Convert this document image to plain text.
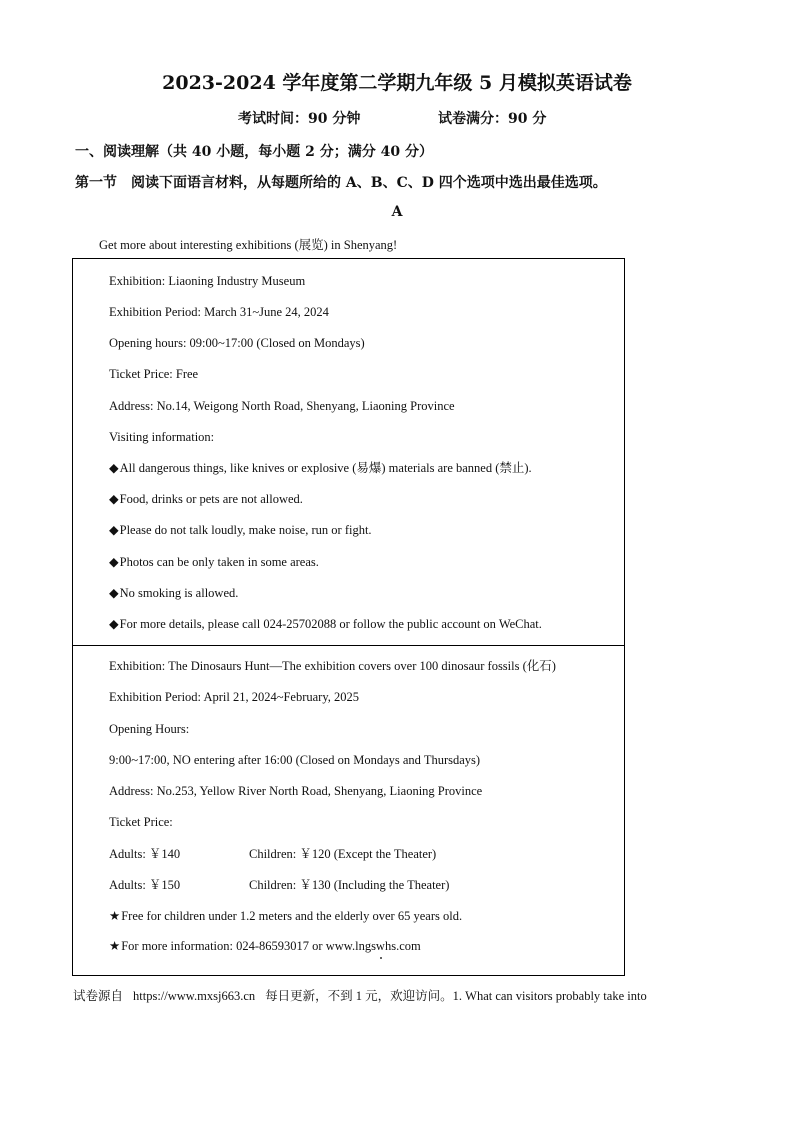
2023-2024 学年度第二学期九年级 5 月模拟英语试卷
考试时间：90 分钟	试卷满分：90 分
一、阅读理解（共 40 小题，每小题 2 分；满分 40 分）
第一节　阅读下面语言材料，从每题所给的 A、B、C、D 四个选项中选出最佳选项。
A
Get more about interesting exhibitions (展览) in Shenyang!
Exhibition: Liaoning Industry Museum
Exhibition Period: March 31~June 24, 2024
Opening hours: 09:00~17:00 (Closed on Mondays)
Ticket Price: Free
Address: No.14, Weigong North Road, Shenyang, Liaoning Province
Visiting information:
◆All dangerous things, like knives or explosive (易爆) materials are banned (禁止).
◆Food, drinks or pets are not allowed.
◆Please do not talk loudly, make noise, run or fight.
◆Photos can be only taken in some areas.
◆No smoking is allowed.
◆For more details, please call 024-25702088 or follow the public account on WeChat.
Exhibition: The Dinosaurs Hunt—The exhibition covers over 100 dinosaur fossils (化石)
Exhibition Period: April 21, 2024~February, 2025
Opening Hours:
9:00~17:00, NO entering after 16:00 (Closed on Mondays and Thursdays)
Address: No.253, Yellow River North Road, Shenyang, Liaoning Province
Ticket Price:
Adults: ￥140	Children: ￥120 (Except the Theater)
Adults: ￥150	Children: ￥130 (Including the Theater)
★Free for children under 1.2 meters and the elderly over 65 years old.
★For more information: 024-86593017 or www.lngswhs.com
试卷源自 https://www.mxsj663.cn 每日更新，不到 1 元，欢迎访问。1. What can visitors probably take into
